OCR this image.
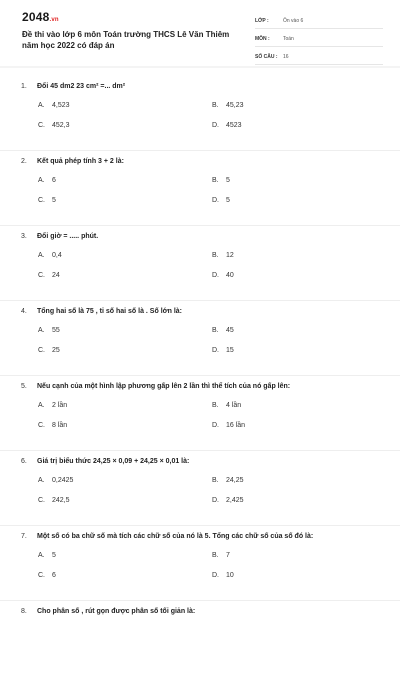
2048.vn
Đề thi vào lớp 6 môn Toán trường THCS Lê Văn Thiêm năm học 2022 có đáp án
LỚP :	Ôn vào 6
MÔN :	Toán
SỐ CÂU :	16
1.	Đổi 45 dm2 23 cm² =... dm²
A.	4,523	B.	45,23
C.	452,3	D.	4523
2.	Kết quả phép tính 3 + 2 là:
A.	6	B.	5
C.	5	D.	5
3.	Đổi giờ = ..... phút.
A.	0,4	B.	12
C.	24	D.	40
4.	Tổng hai số là 75 , tỉ số hai số là . Số lớn là:
A.	55	B.	45
C.	25	D.	15
5.	Nếu cạnh của một hình lập phương gấp lên 2 lần thì thể tích của nó gấp lên:
A.	2 lần	B.	4 lần
C.	8 lần	D.	16 lần
6.	Giá trị biểu thức 24,25 × 0,09 + 24,25 × 0,01 là:
A.	0,2425	B.	24,25
C.	242,5	D.	2,425
7.	Một số có ba chữ số mà tích các chữ số của nó là 5. Tổng các chữ số của số đó là:
A.	5	B.	7
C.	6	D.	10
8.	Cho phân số , rút gọn được phân số tối giản là:
